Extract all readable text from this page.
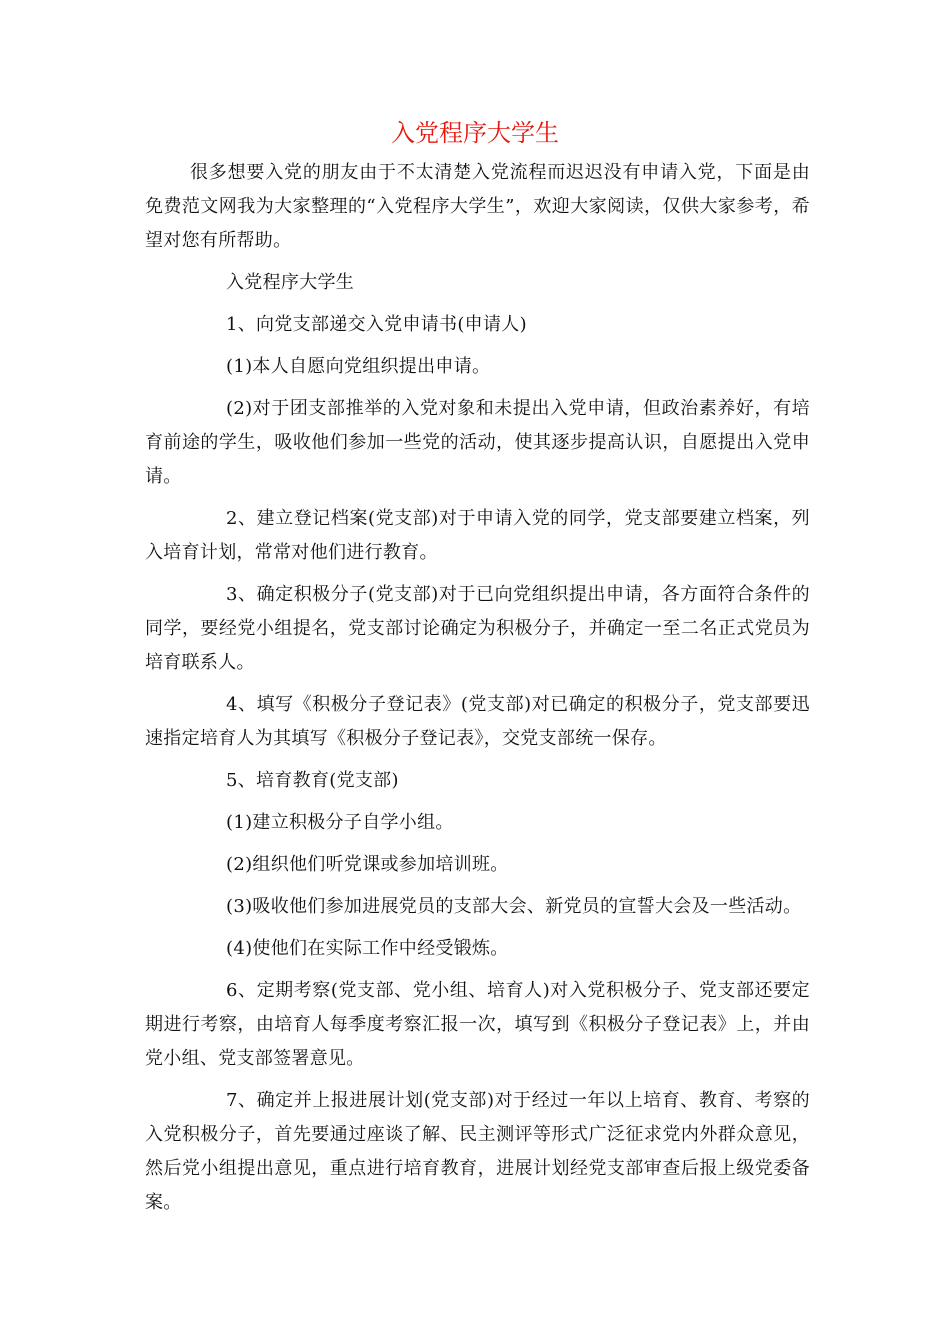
入党程序大学生

很多想要入党的朋友由于不太清楚入党流程而迟迟没有申请入党，下面是由免费范文网我为大家整理的“入党程序大学生”，欢迎大家阅读，仅供大家参考，希望对您有所帮助。

入党程序大学生

1、向党支部递交入党申请书(申请人)

(1)本人自愿向党组织提出申请。

(2)对于团支部推举的入党对象和未提出入党申请，但政治素养好，有培育前途的学生，吸收他们参加一些党的活动，使其逐步提高认识，自愿提出入党申请。

2、建立登记档案(党支部)对于申请入党的同学，党支部要建立档案，列入培育计划，常常对他们进行教育。

3、确定积极分子(党支部)对于已向党组织提出申请，各方面符合条件的同学，要经党小组提名，党支部讨论确定为积极分子，并确定一至二名正式党员为培育联系人。

4、填写《积极分子登记表》(党支部)对已确定的积极分子，党支部要迅速指定培育人为其填写《积极分子登记表》，交党支部统一保存。

5、培育教育(党支部)

(1)建立积极分子自学小组。

(2)组织他们听党课或参加培训班。

(3)吸收他们参加进展党员的支部大会、新党员的宣誓大会及一些活动。

(4)使他们在实际工作中经受锻炼。

6、定期考察(党支部、党小组、培育人)对入党积极分子、党支部还要定期进行考察，由培育人每季度考察汇报一次，填写到《积极分子登记表》上，并由党小组、党支部签署意见。

7、确定并上报进展计划(党支部)对于经过一年以上培育、教育、考察的入党积极分子，首先要通过座谈了解、民主测评等形式广泛征求党内外群众意见，然后党小组提出意见，重点进行培育教育，进展计划经党支部审查后报上级党委备案。
